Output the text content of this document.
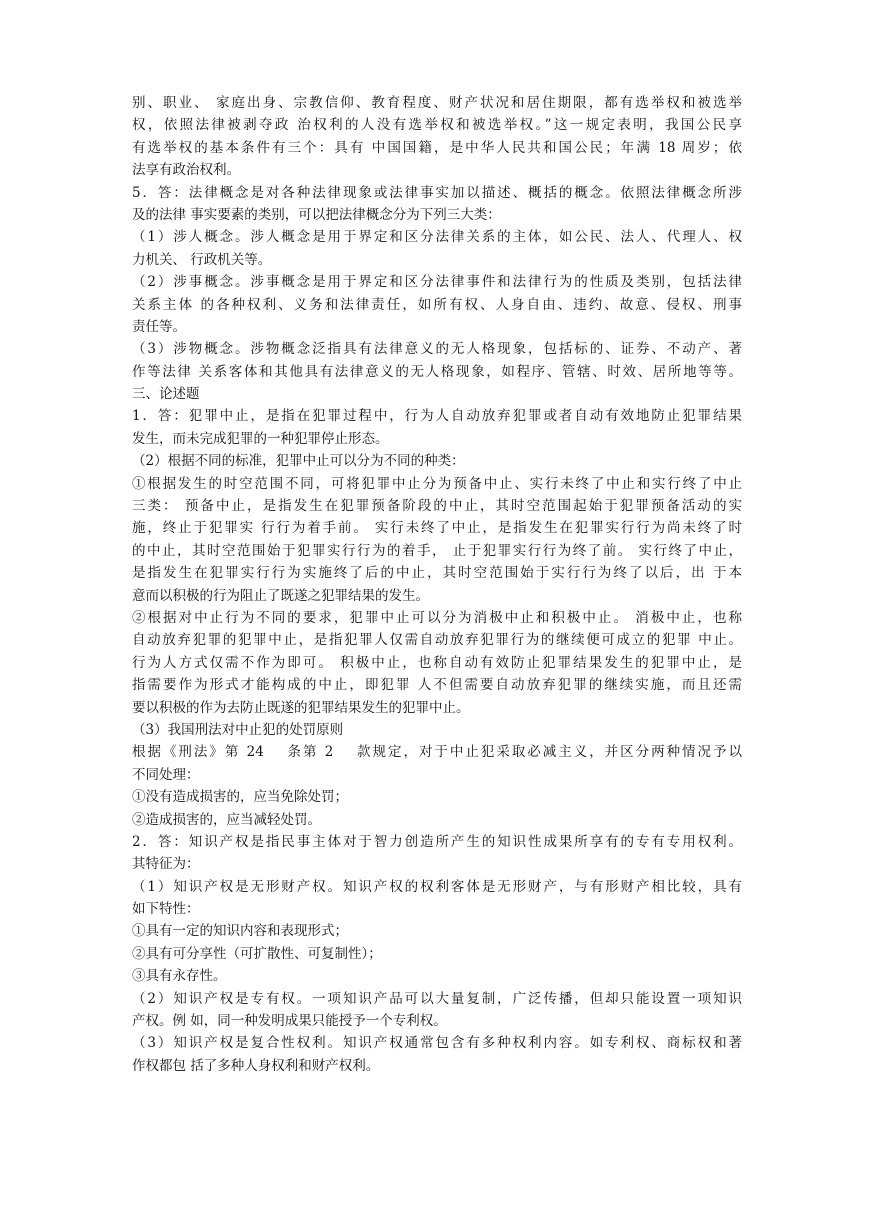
别、职业、 家庭出身、宗教信仰、教育程度、财产状况和居住期限，都有选举权和被选举
权，依照法律被剥夺政 治权利的人没有选举权和被选举权。”这一规定表明，我国公民享
有选举权的基本条件有三个：具有 中国国籍，是中华人民共和国公民；年满 18 周岁；依
法享有政治权利。
5．答：法律概念是对各种法律现象或法律事实加以描述、概括的概念。依照法律概念所涉
及的法律 事实要素的类别，可以把法律概念分为下列三大类：
（1）涉人概念。涉人概念是用于界定和区分法律关系的主体，如公民、法人、代理人、权
力机关、 行政机关等。
（2）涉事概念。涉事概念是用于界定和区分法律事件和法律行为的性质及类别，包括法律
关系主体 的各种权利、义务和法律责任，如所有权、人身自由、违约、故意、侵权、刑事
责任等。
（3）涉物概念。涉物概念泛指具有法律意义的无人格现象，包括标的、证券、不动产、著
作等法律 关系客体和其他具有法律意义的无人格现象，如程序、管辖、时效、居所地等等。
三、论述题
1．答：犯罪中止，是指在犯罪过程中，行为人自动放弃犯罪或者自动有效地防止犯罪结果
发生，而未完成犯罪的一种犯罪停止形态。
（2）根据不同的标准，犯罪中止可以分为不同的种类：
①根据发生的时空范围不同，可将犯罪中止分为预备中止、实行未终了中止和实行终了中止
三类： 预备中止，是指发生在犯罪预备阶段的中止，其时空范围起始于犯罪预备活动的实
施，终止于犯罪实 行行为着手前。 实行未终了中止，是指发生在犯罪实行行为尚未终了时
的中止，其时空范围始于犯罪实行行为的着手， 止于犯罪实行行为终了前。 实行终了中止，
是指发生在犯罪实行行为实施终了后的中止，其时空范围始于实行行为终了以后，出 于本
意而以积极的行为阻止了既遂之犯罪结果的发生。
②根据对中止行为不同的要求，犯罪中止可以分为消极中止和积极中止。 消极中止，也称
自动放弃犯罪的犯罪中止，是指犯罪人仅需自动放弃犯罪行为的继续便可成立的犯罪 中止。
行为人方式仅需不作为即可。 积极中止，也称自动有效防止犯罪结果发生的犯罪中止，是
指需要作为形式才能构成的中止，即犯罪 人不但需要自动放弃犯罪的继续实施，而且还需
要以积极的作为去防止既遂的犯罪结果发生的犯罪中止。
（3）我国刑法对中止犯的处罚原则
根据《刑法》第 24　 条第 2　 款规定，对于中止犯采取必减主义，并区分两种情况予以
不同处理：
①没有造成损害的，应当免除处罚；
②造成损害的，应当减轻处罚。
2．答：知识产权是指民事主体对于智力创造所产生的知识性成果所享有的专有专用权利。
其特征为：
（1）知识产权是无形财产权。知识产权的权利客体是无形财产，与有形财产相比较，具有
如下特性：
①具有一定的知识内容和表现形式；
②具有可分享性（可扩散性、可复制性）；
③具有永存性。
（2）知识产权是专有权。一项知识产品可以大量复制，广泛传播，但却只能设置一项知识
产权。例 如，同一种发明成果只能授予一个专利权。
（3）知识产权是复合性权利。知识产权通常包含有多种权利内容。如专利权、商标权和著
作权都包 括了多种人身权利和财产权利。
